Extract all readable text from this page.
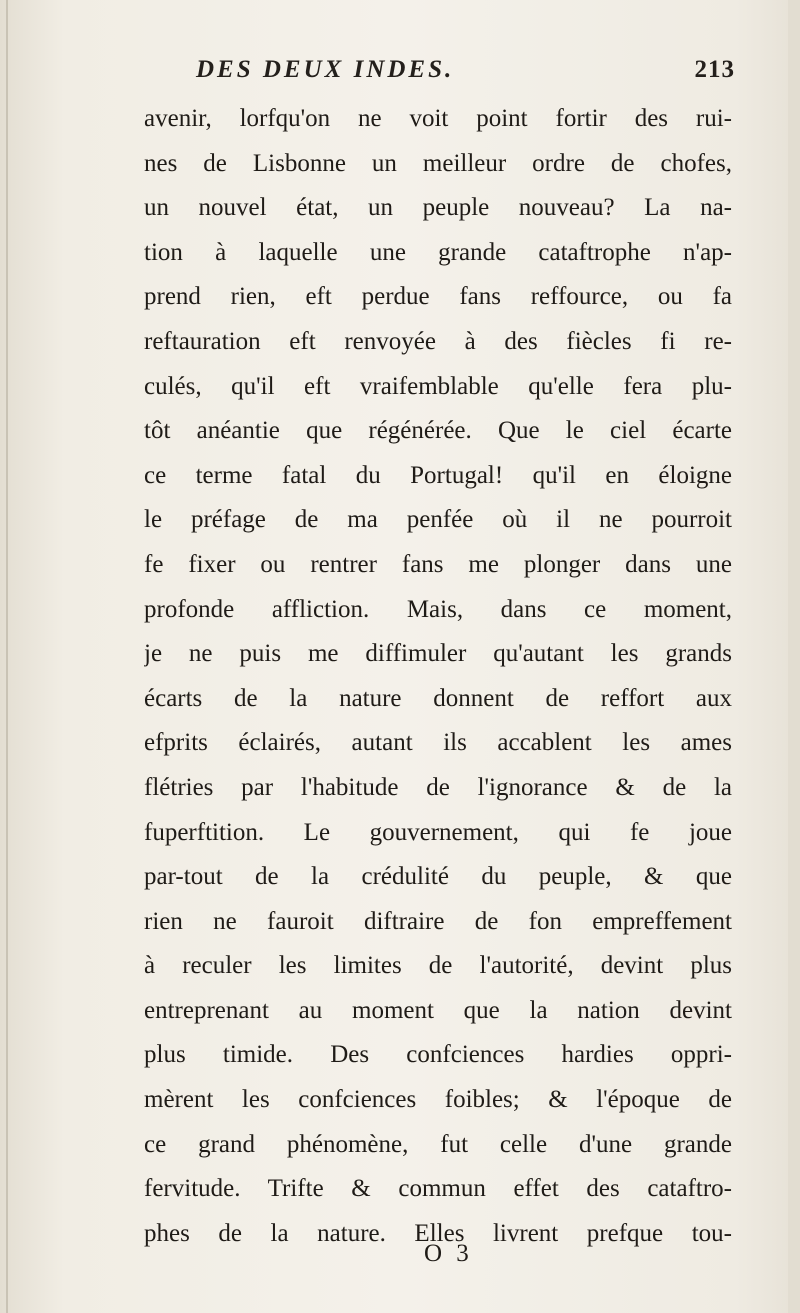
DES DEUX INDES.	213
avenir, lorfqu'on ne voit point fortir des rui-
nes de Lisbonne un meilleur ordre de chofes,
un nouvel état, un peuple nouveau? La na-
tion à laquelle une grande cataftrophe n'ap-
prend rien, eft perdue fans reffource, ou fa
reftauration eft renvoyée à des fiècles fi re-
culés, qu'il eft vraifemblable qu'elle fera plu-
tôt anéantie que régénérée. Que le ciel écarte
ce terme fatal du Portugal! qu'il en éloigne
le préfage de ma penfée où il ne pourroit
fe fixer ou rentrer fans me plonger dans une
profonde affliction. Mais, dans ce moment,
je ne puis me diffimuler qu'autant les grands
écarts de la nature donnent de reffort aux
efprits éclairés, autant ils accablent les ames
flétries par l'habitude de l'ignorance & de la
fuperftition. Le gouvernement, qui fe joue
par-tout de la crédulité du peuple, & que
rien ne fauroit diftraire de fon empreffement
à reculer les limites de l'autorité, devint plus
entreprenant au moment que la nation devint
plus timide. Des confciences hardies oppri-
mèrent les confciences foibles; & l'époque de
ce grand phénomène, fut celle d'une grande
fervitude. Trifte & commun effet des cataftro-
phes de la nature. Elles livrent prefque tou-
O 3
